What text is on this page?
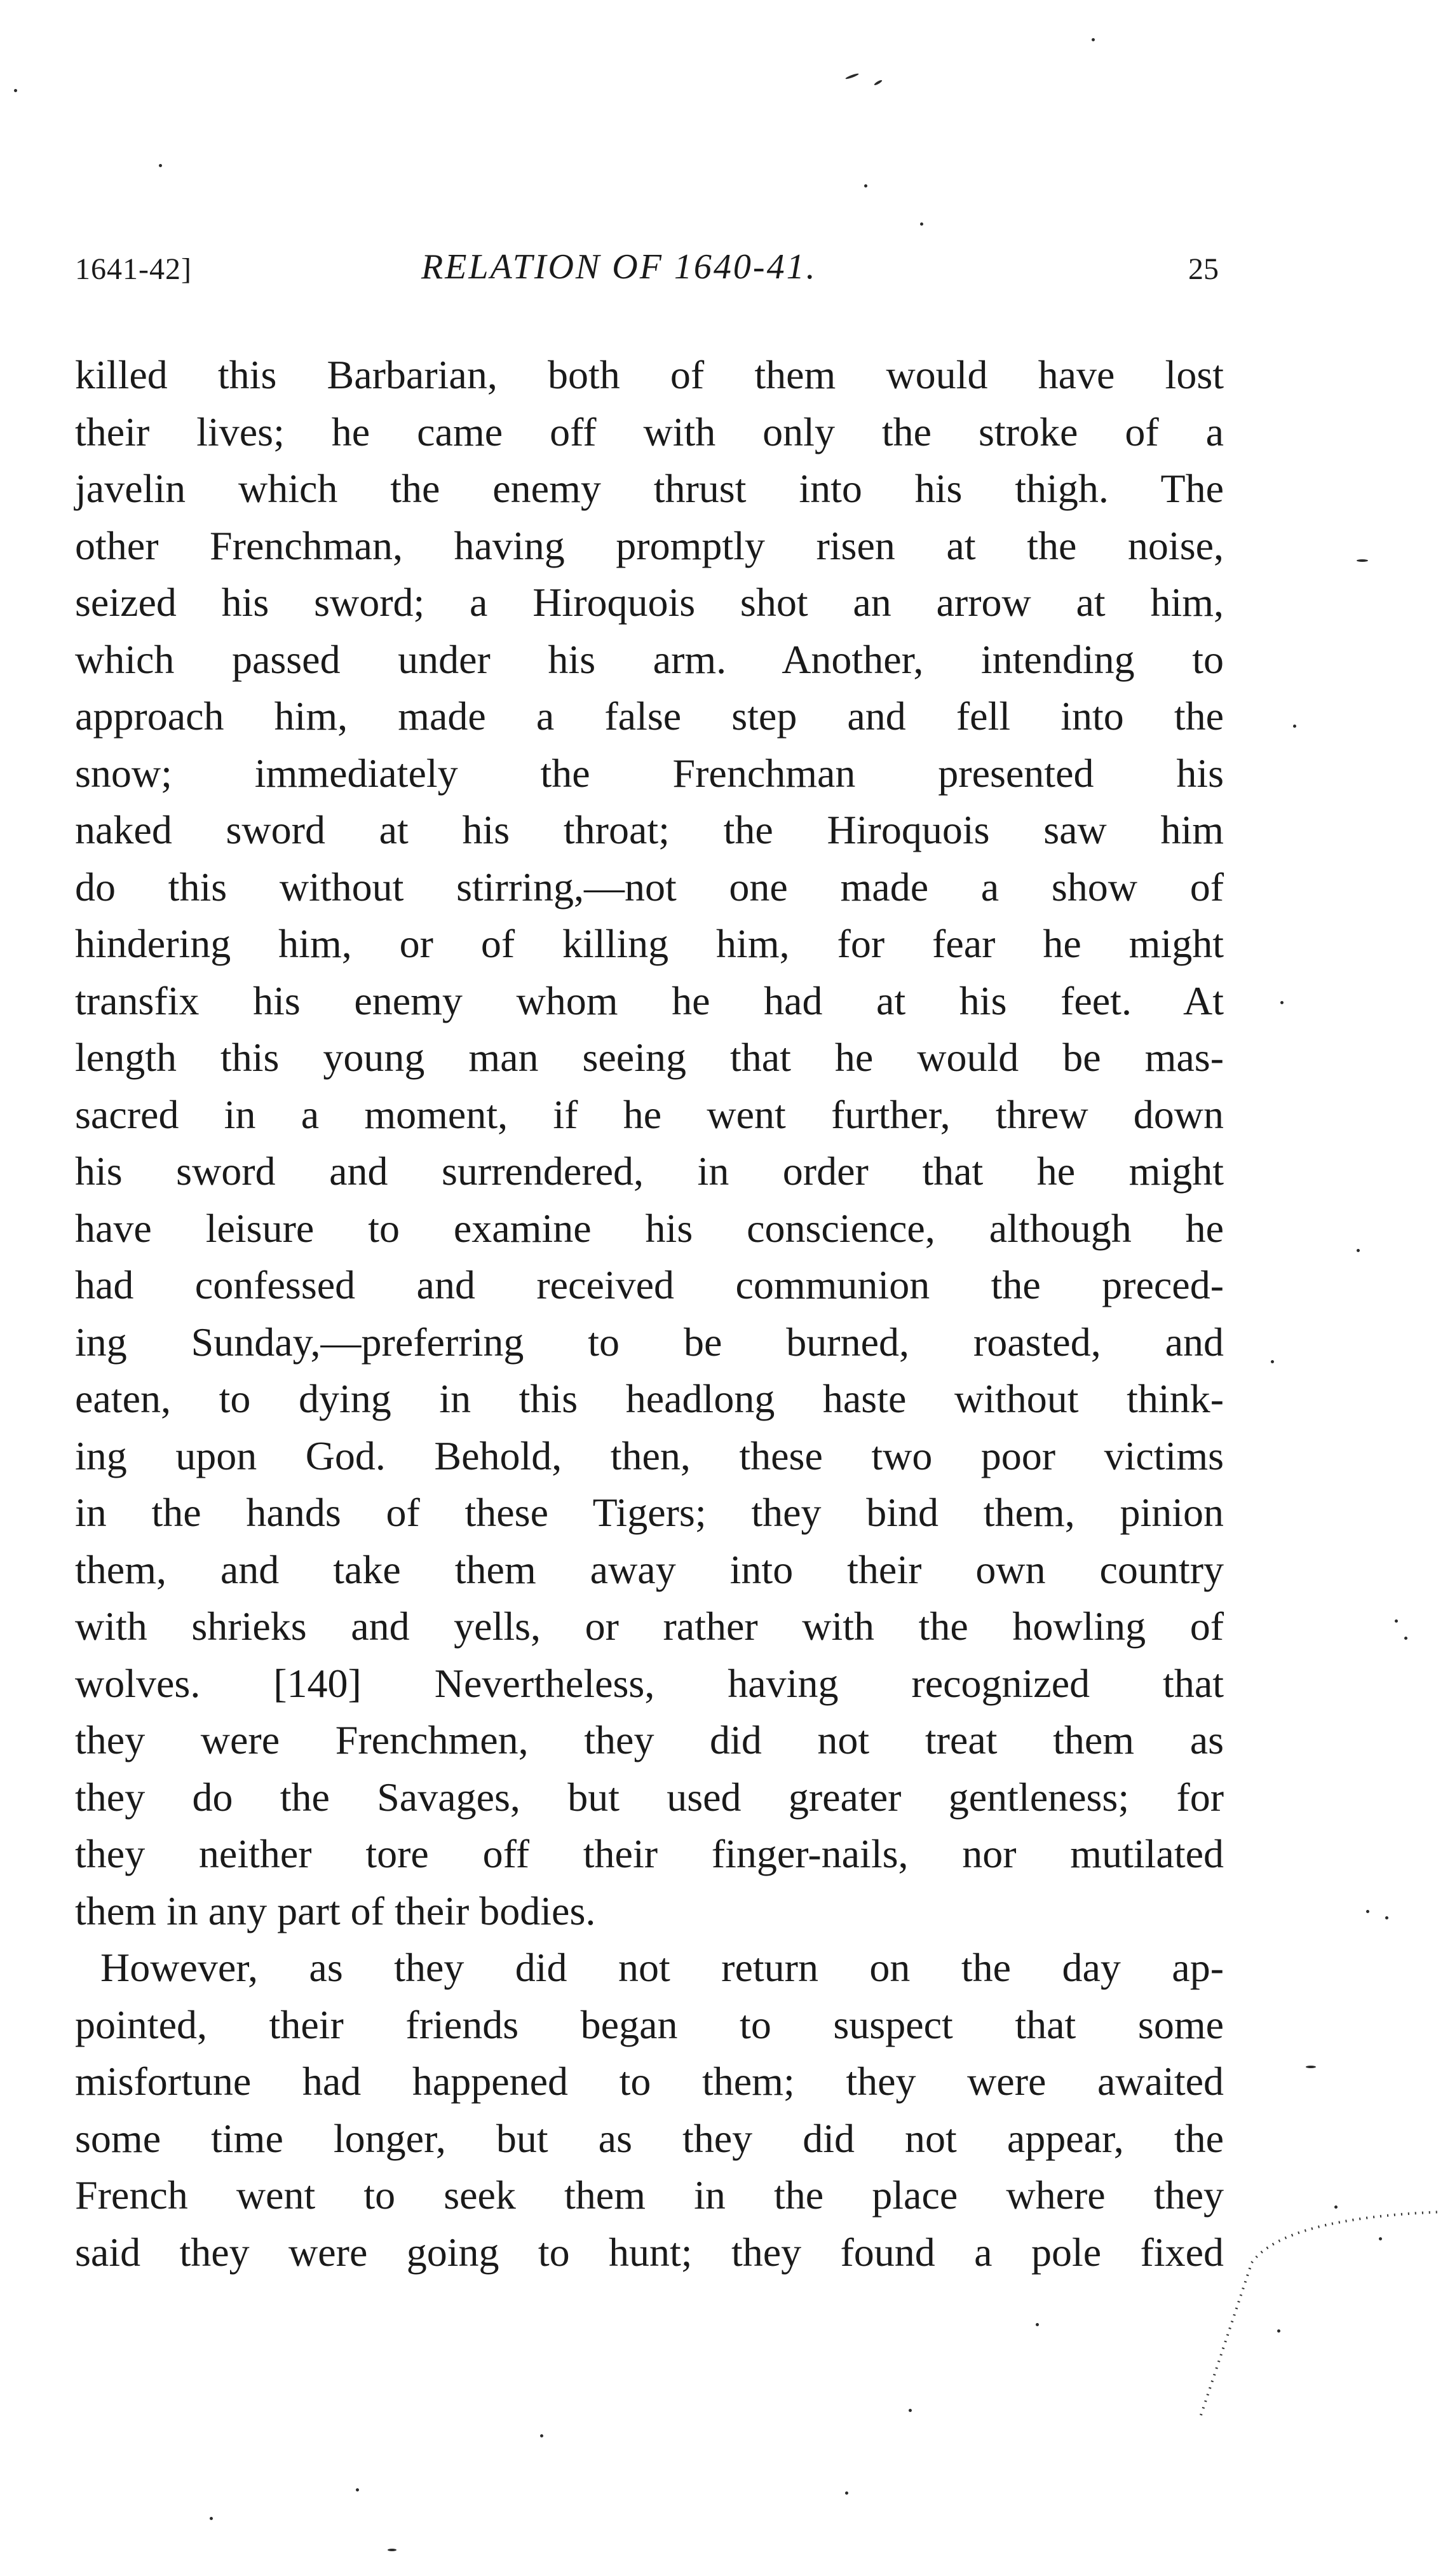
1641-42]	RELATION OF 1640-41.	25
killed this Barbarian, both of them would have lost
their lives; he came off with only the stroke of a
javelin which the enemy thrust into his thigh. The
other Frenchman, having promptly risen at the noise,
seized his sword; a Hiroquois shot an arrow at him,
which passed under his arm. Another, intending to
approach him, made a false step and fell into the
snow; immediately the Frenchman presented his
naked sword at his throat; the Hiroquois saw him
do this without stirring,—not one made a show of
hindering him, or of killing him, for fear he might
transfix his enemy whom he had at his feet. At
length this young man seeing that he would be mas-
sacred in a moment, if he went further, threw down
his sword and surrendered, in order that he might
have leisure to examine his conscience, although he
had confessed and received communion the preced-
ing Sunday,—preferring to be burned, roasted, and
eaten, to dying in this headlong haste without think-
ing upon God. Behold, then, these two poor victims
in the hands of these Tigers; they bind them, pinion
them, and take them away into their own country
with shrieks and yells, or rather with the howling of
wolves. [140] Nevertheless, having recognized that
they were Frenchmen, they did not treat them as
they do the Savages, but used greater gentleness; for
they neither tore off their finger-nails, nor mutilated
them in any part of their bodies.
However, as they did not return on the day ap-
pointed, their friends began to suspect that some
misfortune had happened to them; they were awaited
some time longer, but as they did not appear, the
French went to seek them in the place where they
said they were going to hunt; they found a pole fixed
